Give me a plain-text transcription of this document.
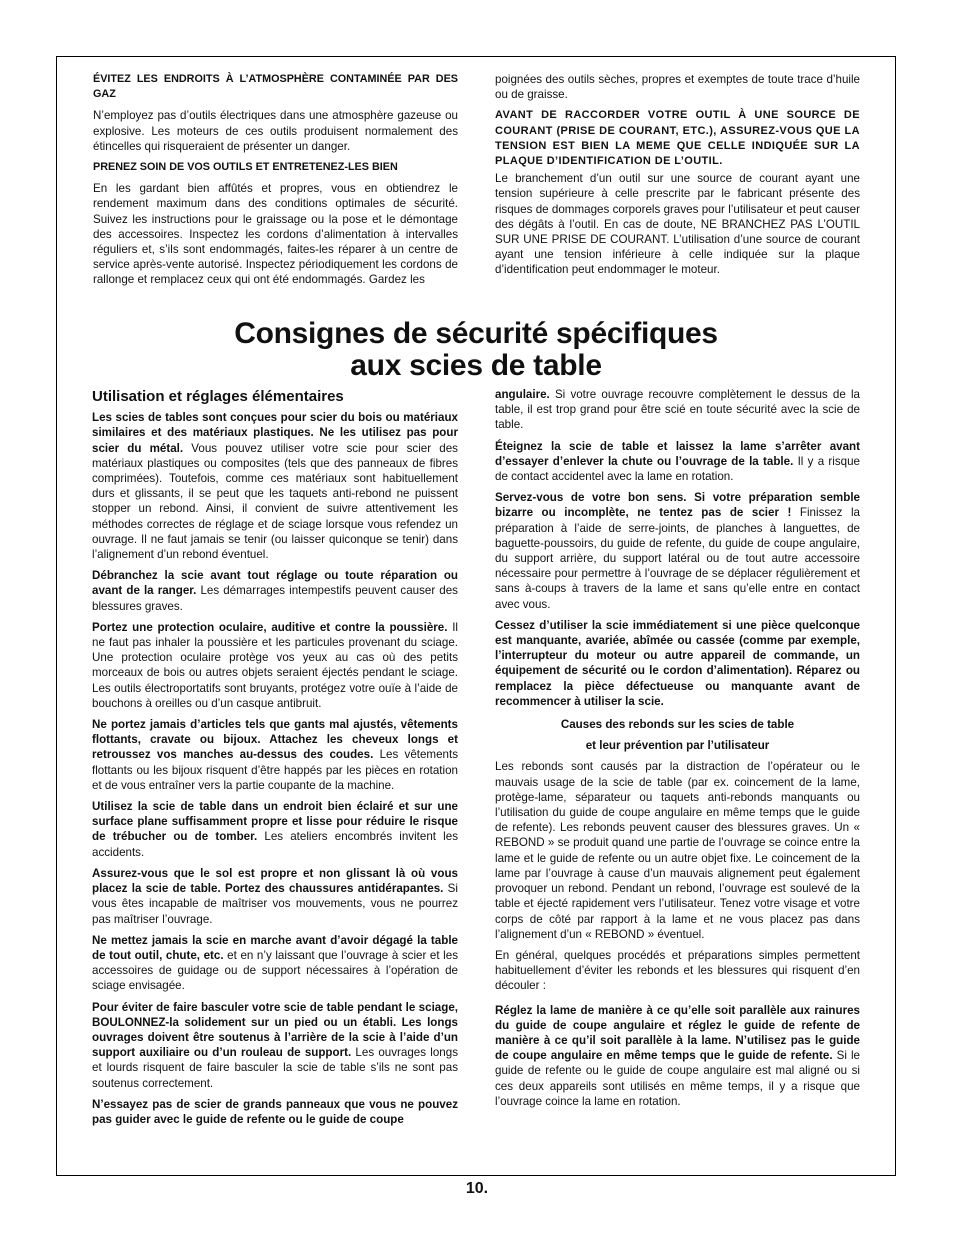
ÉVITEZ LES ENDROITS À L’ATMOSPHÈRE CONTAMINÉE PAR DES GAZ

N’employez pas d’outils électriques dans une atmosphère gazeuse ou explosive. Les moteurs de ces outils produisent normalement des étincelles qui risqueraient de présenter un danger.

PRENEZ SOIN DE VOS OUTILS ET ENTRETENEZ-LES BIEN

En les gardant bien affûtés et propres, vous en obtiendrez le rendement maximum dans des conditions optimales de sécurité. Suivez les instructions pour le graissage ou la pose et le démontage des accessoires. Inspectez les cordons d’alimentation à intervalles réguliers et, s’ils sont endommagés, faites-les réparer à un centre de service après-vente autorisé. Inspectez périodiquement les cordons de rallonge et remplacez ceux qui ont été endommagés. Gardez les

poignées des outils sèches, propres et exemptes de toute trace d’huile ou de graisse.

AVANT DE RACCORDER VOTRE OUTIL À UNE SOURCE DE COURANT (PRISE DE COURANT, ETC.), ASSUREZ-VOUS QUE LA TENSION EST BIEN LA MEME QUE CELLE INDIQUÉE SUR LA PLAQUE D’IDENTIFICATION DE L’OUTIL.

Le branchement d’un outil sur une source de courant ayant une tension supérieure à celle prescrite par le fabricant présente des risques de dommages corporels graves pour l’utilisateur et peut causer des dégâts à l’outil. En cas de doute, NE BRANCHEZ PAS L’OUTIL SUR UNE PRISE DE COURANT. L’utilisation d’une source de courant ayant une tension inférieure à celle indiquée sur la plaque d’identification peut endommager le moteur.

Consignes de sécurité spécifiques
aux scies de table

Utilisation et réglages élémentaires

Les scies de tables sont conçues pour scier du bois ou matériaux similaires et des matériaux plastiques. Ne les utilisez pas pour scier du métal. Vous pouvez utiliser votre scie pour scier des matériaux plastiques ou composites (tels que des panneaux de fibres comprimées). Toutefois, comme ces matériaux sont habituellement durs et glissants, il se peut que les taquets anti-rebond ne puissent stopper un rebond. Ainsi, il convient de suivre attentivement les méthodes correctes de réglage et de sciage lorsque vous refendez un ouvrage. Il ne faut jamais se tenir (ou laisser quiconque se tenir) dans l’alignement d’un rebond éventuel.

Débranchez la scie avant tout réglage ou toute réparation ou avant de la ranger. Les démarrages intempestifs peuvent causer des blessures graves.

Portez une protection oculaire, auditive et contre la poussière. Il ne faut pas inhaler la poussière et les particules provenant du sciage. Une protection oculaire protège vos yeux au cas où des petits morceaux de bois ou autres objets seraient éjectés pendant le sciage. Les outils électroportatifs sont bruyants, protégez votre ouïe à l’aide de bouchons à oreilles ou d’un casque antibruit.

Ne portez jamais d’articles tels que gants mal ajustés, vêtements flottants, cravate ou bijoux. Attachez les cheveux longs et retroussez vos manches au-dessus des coudes. Les vêtements flottants ou les bijoux risquent d’être happés par les pièces en rotation et de vous entraîner vers la partie coupante de la machine.

Utilisez la scie de table dans un endroit bien éclairé et sur une surface plane suffisamment propre et lisse pour réduire le risque de trébucher ou de tomber. Les ateliers encombrés invitent les accidents.

Assurez-vous que le sol est propre et non glissant là où vous placez la scie de table. Portez des chaussures antidérapantes. Si vous êtes incapable de maîtriser vos mouvements, vous ne pourrez pas maîtriser l’ouvrage.

Ne mettez jamais la scie en marche avant d’avoir dégagé la table de tout outil, chute, etc. et en n’y laissant que l’ouvrage à scier et les accessoires de guidage ou de support nécessaires à l’opération de sciage envisagée.

Pour éviter de faire basculer votre scie de table pendant le sciage, BOULONNEZ-la solidement sur un pied ou un établi. Les longs ouvrages doivent être soutenus à l’arrière de la scie à l’aide d’un support auxiliaire ou d’un rouleau de support. Les ouvrages longs et lourds risquent de faire basculer la scie de table s’ils ne sont pas soutenus correctement.

N’essayez pas de scier de grands panneaux que vous ne pouvez pas guider avec le guide de refente ou le guide de coupe

angulaire. Si votre ouvrage recouvre complètement le dessus de la table, il est trop grand pour être scié en toute sécurité avec la scie de table.

Éteignez la scie de table et laissez la lame s’arrêter avant d’essayer d’enlever la chute ou l’ouvrage de la table. Il y a risque de contact accidentel avec la lame en rotation.

Servez-vous de votre bon sens. Si votre préparation semble bizarre ou incomplète, ne tentez pas de scier ! Finissez la préparation à l’aide de serre-joints, de planches à languettes, de baguette-poussoirs, du guide de refente, du guide de coupe angulaire, du support arrière, du support latéral ou de tout autre accessoire nécessaire pour permettre à l’ouvrage de se déplacer régulièrement et sans à-coups à travers de la lame et sans qu’elle entre en contact avec vous.

Cessez d’utiliser la scie immédiatement si une pièce quelconque est manquante, avariée, abîmée ou cassée (comme par exemple, l’interrupteur du moteur ou autre appareil de commande, un équipement de sécurité ou le cordon d’alimentation). Réparez ou remplacez la pièce défectueuse ou manquante avant de recommencer à utiliser la scie.

Causes des rebonds sur les scies de table

et leur prévention par l’utilisateur

Les rebonds sont causés par la distraction de l’opérateur ou le mauvais usage de la scie de table (par ex. coincement de la lame, protège-lame, séparateur ou taquets anti-rebonds manquants ou l’utilisation du guide de coupe angulaire en même temps que le guide de refente). Les rebonds peuvent causer des blessures graves. Un « REBOND » se produit quand une partie de l’ouvrage se coince entre la lame et le guide de refente ou un autre objet fixe. Le coincement de la lame par l’ouvrage à cause d’un mauvais alignement peut également provoquer un rebond. Pendant un rebond, l’ouvrage est soulevé de la table et éjecté rapidement vers l’utilisateur. Tenez votre visage et votre corps de côté par rapport à la lame et ne vous placez pas dans l’alignement d’un « REBOND » éventuel.

En général, quelques procédés et préparations simples permettent habituellement d’éviter les rebonds et les blessures qui risquent d’en découler :

Réglez la lame de manière à ce qu’elle soit parallèle aux rainures du guide de coupe angulaire et réglez le guide de refente de manière à ce qu’il soit parallèle à la lame. N’utilisez pas le guide de coupe angulaire en même temps que le guide de refente. Si le guide de refente ou le guide de coupe angulaire est mal aligné ou si ces deux appareils sont utilisés en même temps, il y a risque que l’ouvrage coince la lame en rotation.

10.
